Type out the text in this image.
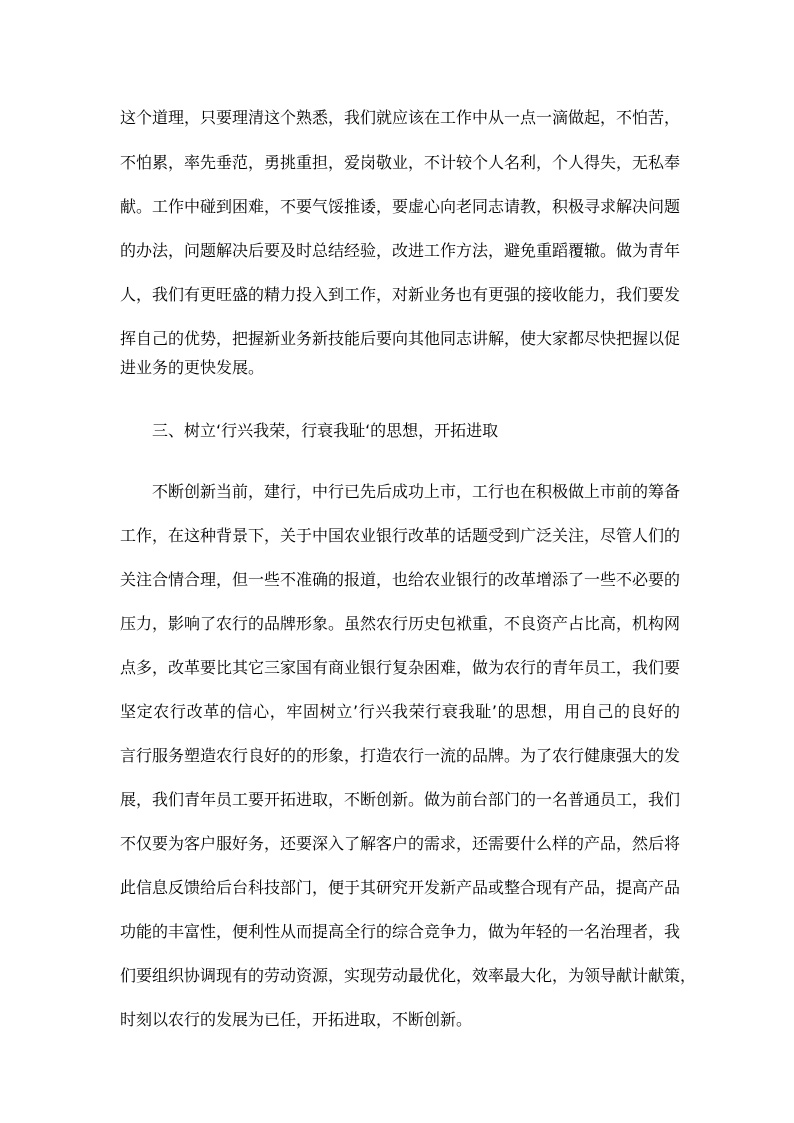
这个道理，只要理清这个熟悉，我们就应该在工作中从一点一滴做起，不怕苦，
不怕累，率先垂范，勇挑重担，爱岗敬业，不计较个人名利，个人得失，无私奉
献。工作中碰到困难，不要气馁推诿，要虚心向老同志请教，积极寻求解决问题
的办法，问题解决后要及时总结经验，改进工作方法，避免重蹈覆辙。做为青年
人，我们有更旺盛的精力投入到工作，对新业务也有更强的接收能力，我们要发
挥自己的优势，把握新业务新技能后要向其他同志讲解，使大家都尽快把握以促
进业务的更快发展。
三、树立‘行兴我荣，行衰我耻‘的思想，开拓进取
不断创新当前，建行，中行已先后成功上市，工行也在积极做上市前的筹备
工作，在这种背景下，关于中国农业银行改革的话题受到广泛关注，尽管人们的
关注合情合理，但一些不准确的报道，也给农业银行的改革增添了一些不必要的
压力，影响了农行的品牌形象。虽然农行历史包袱重，不良资产占比高，机构网
点多，改革要比其它三家国有商业银行复杂困难，做为农行的青年员工，我们要
坚定农行改革的信心，牢固树立’行兴我荣行衰我耻’的思想，用自己的良好的
言行服务塑造农行良好的的形象，打造农行一流的品牌。为了农行健康强大的发
展，我们青年员工要开拓进取，不断创新。做为前台部门的一名普通员工，我们
不仅要为客户服好务，还要深入了解客户的需求，还需要什么样的产品，然后将
此信息反馈给后台科技部门，便于其研究开发新产品或整合现有产品，提高产品
功能的丰富性，便利性从而提高全行的综合竞争力，做为年轻的一名治理者，我
们要组织协调现有的劳动资源，实现劳动最优化，效率最大化，为领导献计献策，
时刻以农行的发展为已任，开拓进取，不断创新。
